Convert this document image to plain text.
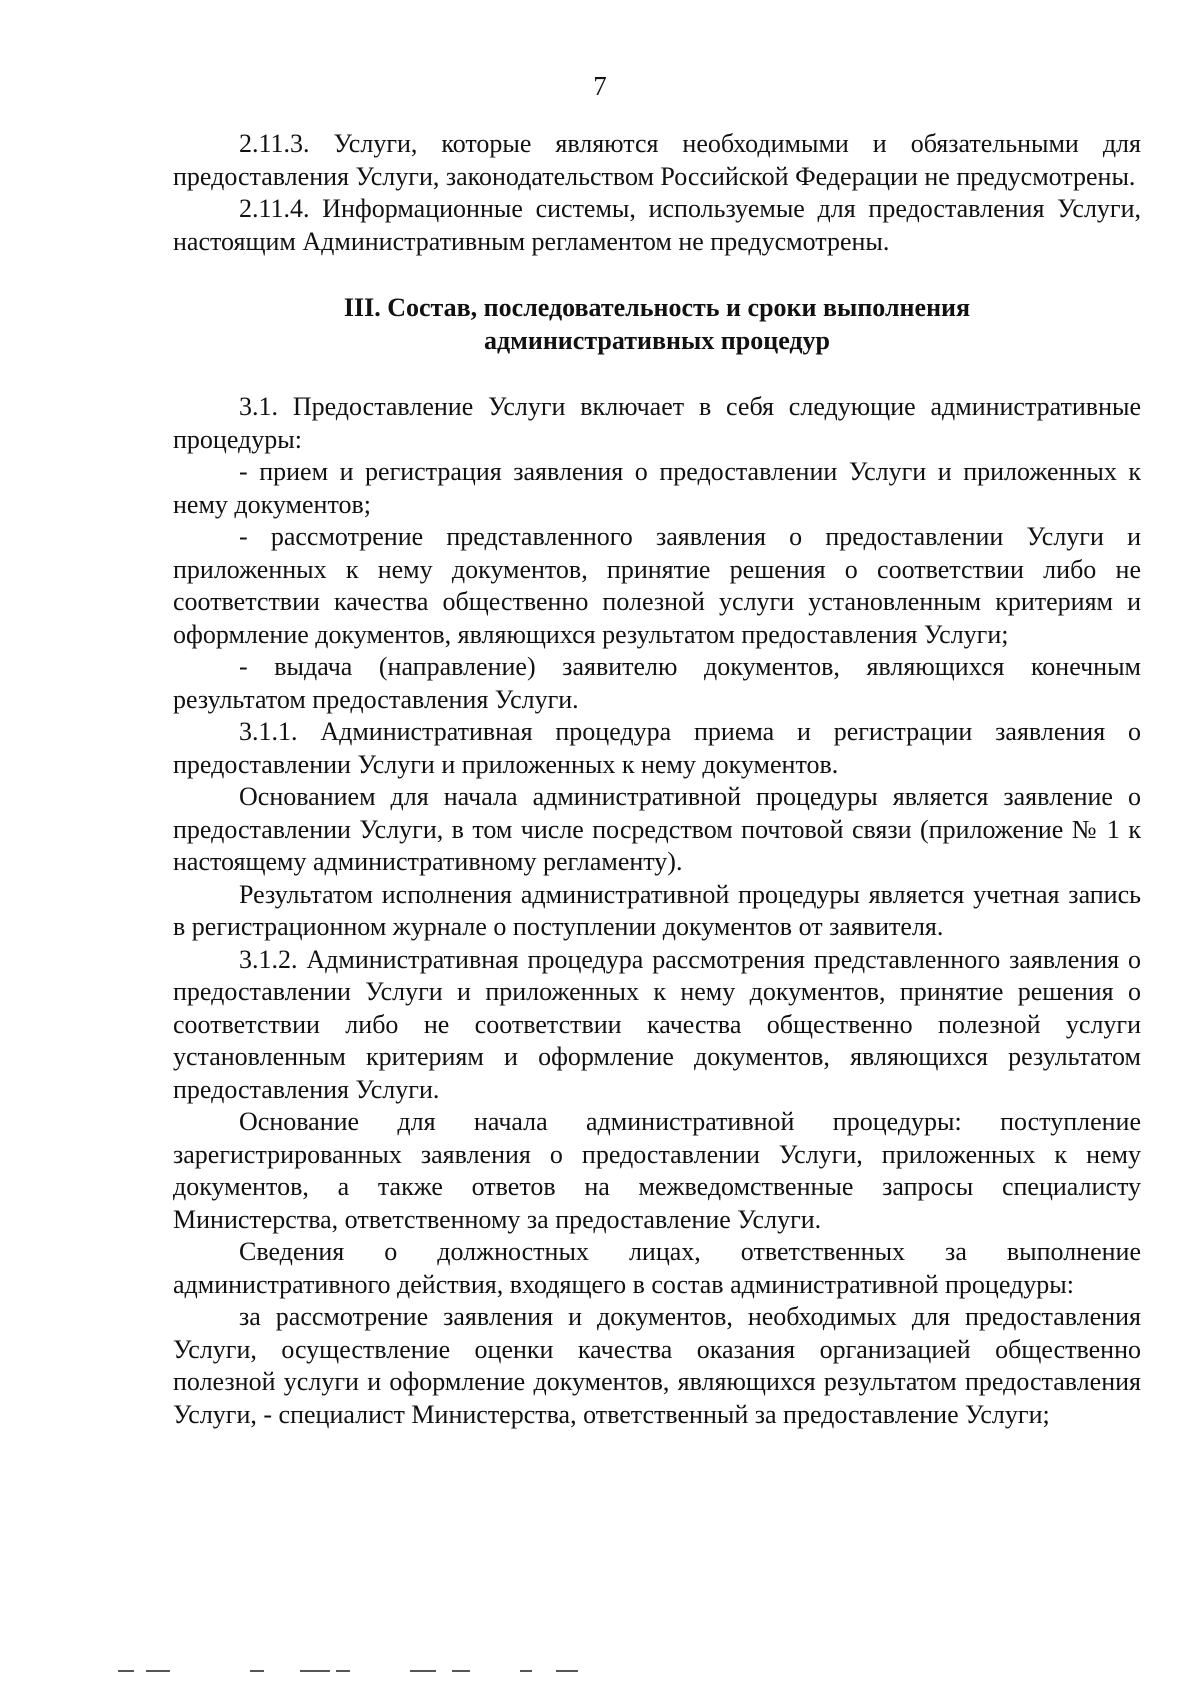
7

2.11.3. Услуги, которые являются необходимыми и обязательными для предоставления Услуги, законодательством Российской Федерации не предусмотрены.

2.11.4. Информационные системы, используемые для предоставления Услуги, настоящим Административным регламентом не предусмотрены.

III. Состав, последовательность и сроки выполнения
административных процедур

3.1. Предоставление Услуги включает в себя следующие административные процедуры:

- прием и регистрация заявления о предоставлении Услуги и приложенных к нему документов;

- рассмотрение представленного заявления о предоставлении Услуги и приложенных к нему документов, принятие решения о соответствии либо не соответствии качества общественно полезной услуги установленным критериям и оформление документов, являющихся результатом предоставления Услуги;

- выдача (направление) заявителю документов, являющихся конечным результатом предоставления Услуги.

3.1.1. Административная процедура приема и регистрации заявления о предоставлении Услуги и приложенных к нему документов.

Основанием для начала административной процедуры является заявление о предоставлении Услуги, в том числе посредством почтовой связи (приложение № 1 к настоящему административному регламенту).

Результатом исполнения административной процедуры является учетная запись в регистрационном журнале о поступлении документов от заявителя.

3.1.2. Административная процедура рассмотрения представленного заявления о предоставлении Услуги и приложенных к нему документов, принятие решения о соответствии либо не соответствии качества общественно полезной услуги установленным критериям и оформление документов, являющихся результатом предоставления Услуги.

Основание для начала административной процедуры: поступление зарегистрированных заявления о предоставлении Услуги, приложенных к нему документов, а также ответов на межведомственные запросы специалисту Министерства, ответственному за предоставление Услуги.

Сведения о должностных лицах, ответственных за выполнение административного действия, входящего в состав административной процедуры:

за рассмотрение заявления и документов, необходимых для предоставления Услуги, осуществление оценки качества оказания организацией общественно полезной услуги и оформление документов, являющихся результатом предоставления Услуги, - специалист Министерства, ответственный за предоставление Услуги;
